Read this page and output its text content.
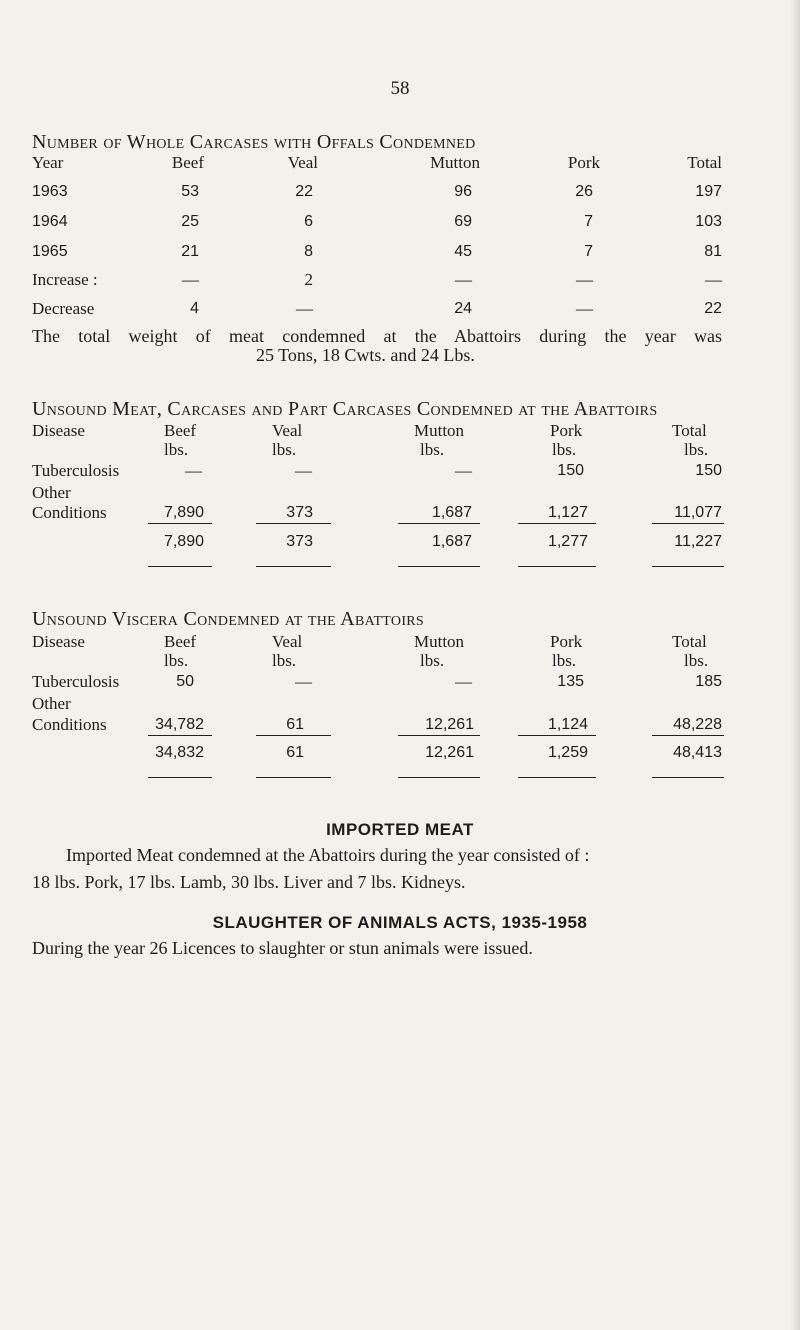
58
Number of Whole Carcases with Offals Condemned
Year	Beef	Veal	Mutton	Pork	Total
1963	53	22	96	26	197
1964	25	6	69	7	103
1965	21	8	45	7	81
Increase :	—	2	—	—	—
Decrease	4	—	24	—	22
The total weight of meat condemned at the Abattoirs during the year was
25 Tons, 18 Cwts. and 24 Lbs.
Unsound Meat, Carcases and Part Carcases Condemned at the Abattoirs
Disease	Beef	Veal	Mutton	Pork	Total
lbs.	lbs.	lbs.	lbs.	lbs.
Tuberculosis	—	—	—	150	150
Other
Conditions	7,890	373	1,687	1,127	11,077
7,890	373	1,687	1,277	11,227
Unsound Viscera Condemned at the Abattoirs
Disease	Beef	Veal	Mutton	Pork	Total
lbs.	lbs.	lbs.	lbs.	lbs.
Tuberculosis	50	—	—	135	185
Other
Conditions	34,782	61	12,261	1,124	48,228
34,832	61	12,261	1,259	48,413
IMPORTED MEAT
Imported Meat condemned at the Abattoirs during the year consisted of :
18 lbs. Pork, 17 lbs. Lamb, 30 lbs. Liver and 7 lbs. Kidneys.
SLAUGHTER OF ANIMALS ACTS, 1935-1958
During the year 26 Licences to slaughter or stun animals were issued.
